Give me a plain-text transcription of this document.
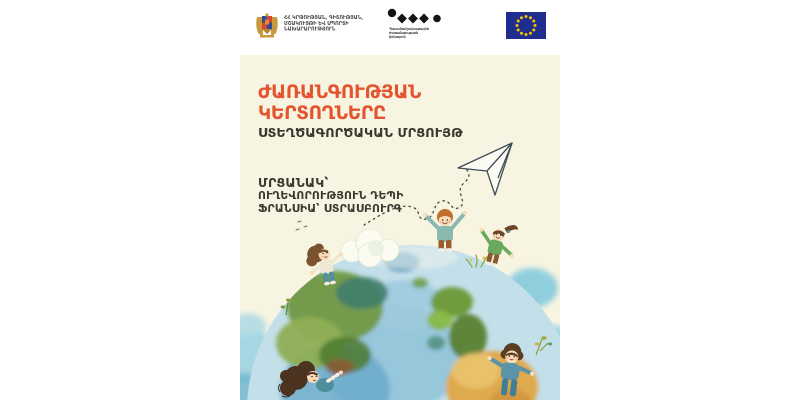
ՀՀ ԿՐԹՈՒԹՅԱՆ, ԳԻՏՈՒԹՅԱՆ,
ՄՇԱԿՈՒՅԹԻ ԵՎ ՍՊՈՐՏԻ
ՆԱԽԱՐԱՐՈՒԹՅՈՒՆ	Պատմամշակութային
ժառանգության
կենտրոն
ԺԱՌԱՆԳՈՒԹՅԱՆ
ԿԵՐՏՈՂՆԵՐԸ
ՍՏԵՂԾԱԳՈՐԾԱԿԱՆ ՄՐՑՈՒՅԹ
ՄՐՑԱՆԱԿ՝
ՈՒՂԵՎՈՐՈՒԹՅՈՒՆ ԴԵՊԻ
ՖՐԱՆՍԻԱ՝ ՍՏՐԱՍԲՈՒՐԳ
